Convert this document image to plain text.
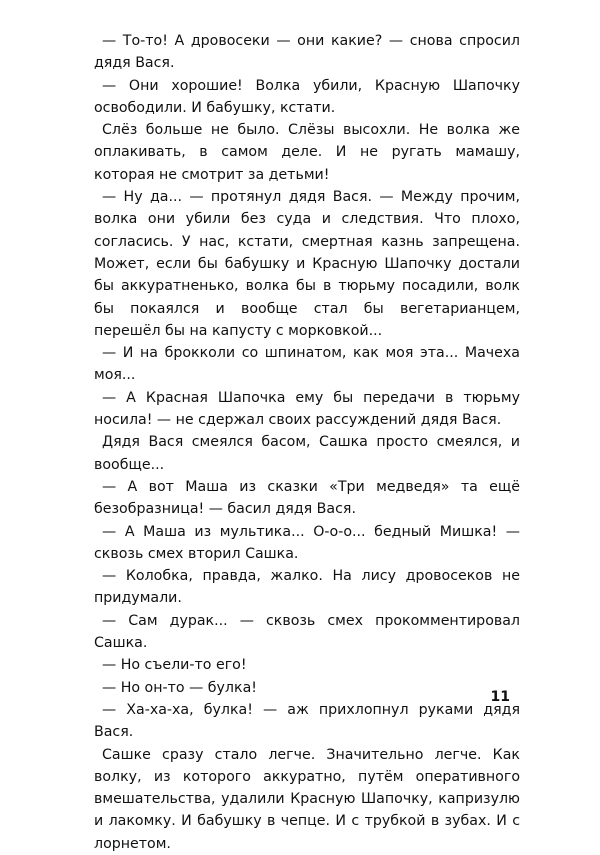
— То-то! А дровосеки — они какие? — снова спросил дядя Вася.

— Они хорошие! Волка убили, Красную Шапочку освободили. И бабушку, кстати.

Слёз больше не было. Слёзы высохли. Не волка же оплакивать, в самом деле. И не ругать мамашу, которая не смотрит за детьми!

— Ну да... — протянул дядя Вася. — Между прочим, волка они убили без суда и следствия. Что плохо, согласись. У нас, кстати, смертная казнь запрещена. Может, если бы бабушку и Красную Шапочку достали бы аккуратненько, волка бы в тюрьму посадили, волк бы покаялся и вообще стал бы вегетарианцем, перешёл бы на капусту с морковкой...

— И на брокколи со шпинатом, как моя эта... Мачеха моя...

— А Красная Шапочка ему бы передачи в тюрьму носила! — не сдержал своих рассуждений дядя Вася.

Дядя Вася смеялся басом, Сашка просто смеялся, и вообще...

— А вот Маша из сказки «Три медведя» та ещё безобразница! — басил дядя Вася.

— А Маша из мультика... О-о-о... бедный Мишка! — сквозь смех вторил Сашка.

— Колобка, правда, жалко. На лису дровосеков не придумали.

— Сам дурак... — сквозь смех прокомментировал Сашка.

— Но съели-то его!

— Но он-то — булка!

— Ха-ха-ха, булка! — аж прихлопнул руками дядя Вася.

Сашке сразу стало легче. Значительно легче. Как волку, из которого аккуратно, путём оперативного вмешательства, удалили Красную Шапочку, капризулю и лакомку. И бабушку в чепце. И с трубкой в зубах. И с лорнетом.

11
